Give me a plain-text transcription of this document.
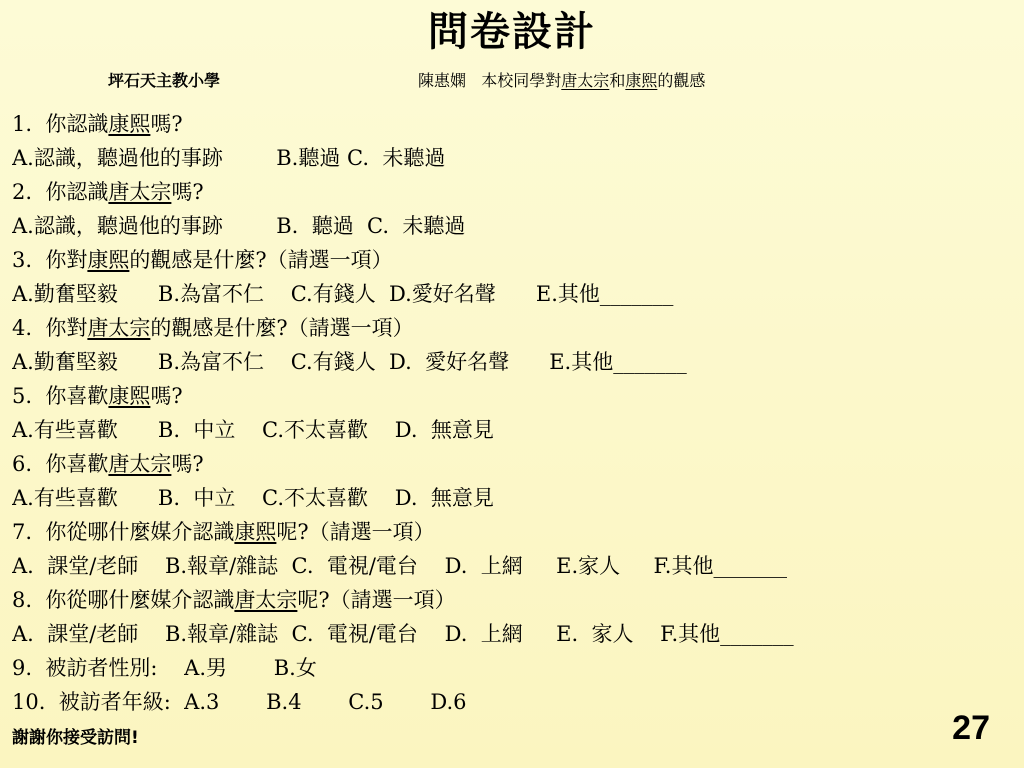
問卷設計
坪石天主教小學	陳惠嫻 本校同學對唐太宗和康熙的觀感
1.  你認識康熙嗎?
A.認識，聽過他的事跡        B.聽過 C.  未聽過
2.  你認識唐太宗嗎?
A.認識，聽過他的事跡        B.  聽過  C.  未聽過
3.  你對康熙的觀感是什麼?（請選一項）
A.勤奮堅毅      B.為富不仁    C.有錢人  D.愛好名聲      E.其他_______
4.  你對唐太宗的觀感是什麼?（請選一項）
A.勤奮堅毅      B.為富不仁    C.有錢人  D.  愛好名聲      E.其他_______
5.  你喜歡康熙嗎?
A.有些喜歡      B.  中立    C.不太喜歡    D.  無意見
6.  你喜歡唐太宗嗎?
A.有些喜歡      B.  中立    C.不太喜歡    D.  無意見
7.  你從哪什麼媒介認識康熙呢?（請選一項）
A.  課堂/老師    B.報章/雜誌  C.  電視/電台    D.  上網     E.家人     F.其他_______
8.  你從哪什麼媒介認識唐太宗呢?（請選一項）
A.  課堂/老師    B.報章/雜誌  C.  電視/電台    D.  上網     E.  家人    F.其他_______
9.  被訪者性別:    A.男       B.女
10.  被訪者年級:  A.3       B.4       C.5       D.6
謝謝你接受訪問!	27
